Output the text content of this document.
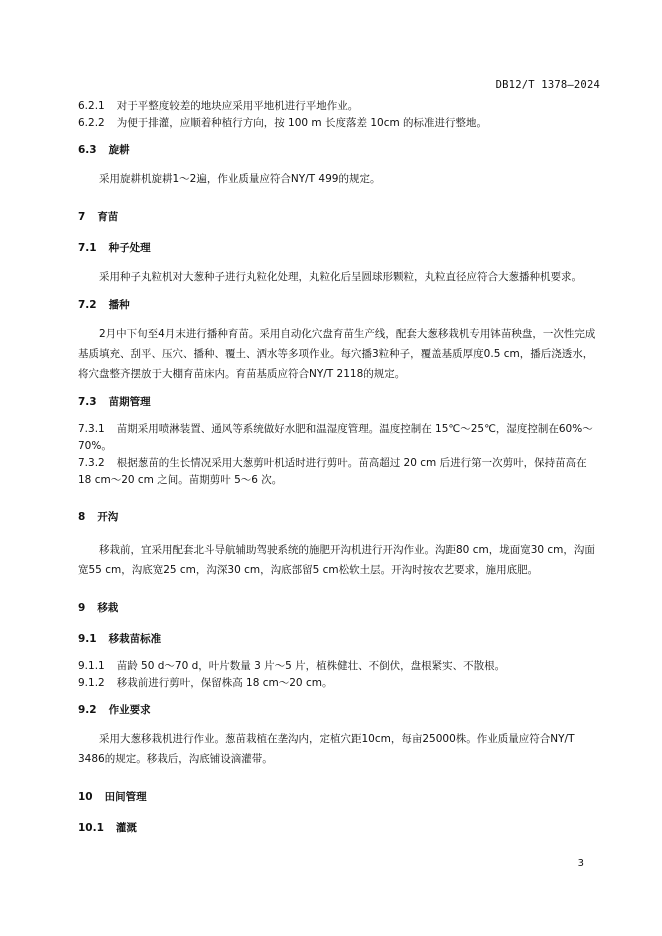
DB12/T 1378—2024

6.2.1 对于平整度较差的地块应采用平地机进行平地作业。

6.2.2 为便于排灌，应顺着种植行方向，按 100 m 长度落差 10cm 的标准进行整地。

6.3 旋耕

采用旋耕机旋耕1～2遍，作业质量应符合NY/T 499的规定。

7 育苗

7.1 种子处理

采用种子丸粒机对大葱种子进行丸粒化处理，丸粒化后呈圆球形颗粒，丸粒直径应符合大葱播种机要求。

7.2 播种

2月中下旬至4月末进行播种育苗。采用自动化穴盘育苗生产线，配套大葱移栽机专用钵苗秧盘，一次性完成基质填充、刮平、压穴、播种、覆土、洒水等多项作业。每穴播3粒种子，覆盖基质厚度0.5 cm，播后浇透水，将穴盘整齐摆放于大棚育苗床内。育苗基质应符合NY/T 2118的规定。

7.3 苗期管理

7.3.1 苗期采用喷淋装置、通风等系统做好水肥和温湿度管理。温度控制在 15℃～25℃，湿度控制在60%～70%。

7.3.2 根据葱苗的生长情况采用大葱剪叶机适时进行剪叶。苗高超过 20 cm 后进行第一次剪叶，保持苗高在 18 cm～20 cm 之间。苗期剪叶 5～6 次。

8 开沟

移栽前，宜采用配套北斗导航辅助驾驶系统的施肥开沟机进行开沟作业。沟距80 cm，垅面宽30 cm，沟面宽55 cm，沟底宽25 cm，沟深30 cm，沟底部留5 cm松软土层。开沟时按农艺要求，施用底肥。

9 移栽

9.1 移栽苗标准

9.1.1 苗龄 50 d～70 d，叶片数量 3 片～5 片，植株健壮、不倒伏，盘根紧实、不散根。

9.1.2 移栽前进行剪叶，保留株高 18 cm～20 cm。

9.2 作业要求

采用大葱移栽机进行作业。葱苗栽植在垄沟内，定植穴距10cm，每亩25000株。作业质量应符合NY/T 3486的规定。移栽后，沟底铺设滴灌带。

10 田间管理

10.1 灌溉

3
